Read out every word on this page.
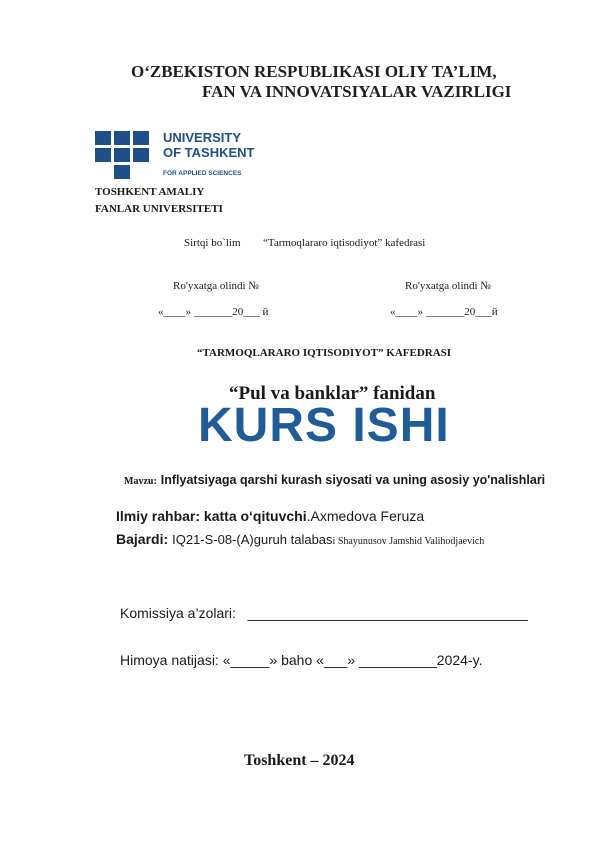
O‘ZBEKISTON RESPUBLIKASI OLIY TA’LIM,
FAN VA INNOVATSIYALAR VAZIRLIGI
UNIVERSITY
OF TASHKENT
FOR APPLIED SCIENCES
TOSHKENT AMALIY
FANLAR UNIVERSITETI
Sirtqi bo`lim “Tarmoqlararo iqtisodiyot” kafedrasi
Ro'yxatga olindi №
«____» _______20___ й
Ro'yxatga olindi №
«____» _______20___й
“TARMOQLARARO IQTISODIYOT” KAFEDRASI
“Pul va banklar” fanidan
KURS ISHI
Mavzu: Inflyatsiyaga qarshi kurash siyosati va uning asosiy yo'nalishlari
Ilmiy rahbar: katta o‘qituvchi.Axmedova Feruza
Bajardi: IQ21-S-08-(A)guruh talabasi Shayunusov Jamshid Valihodjaevich
Komissiya a’zolari: ____________________________________
Himoya natijasi: «_____» baho «___» __________2024-y.
Toshkent – 2024
